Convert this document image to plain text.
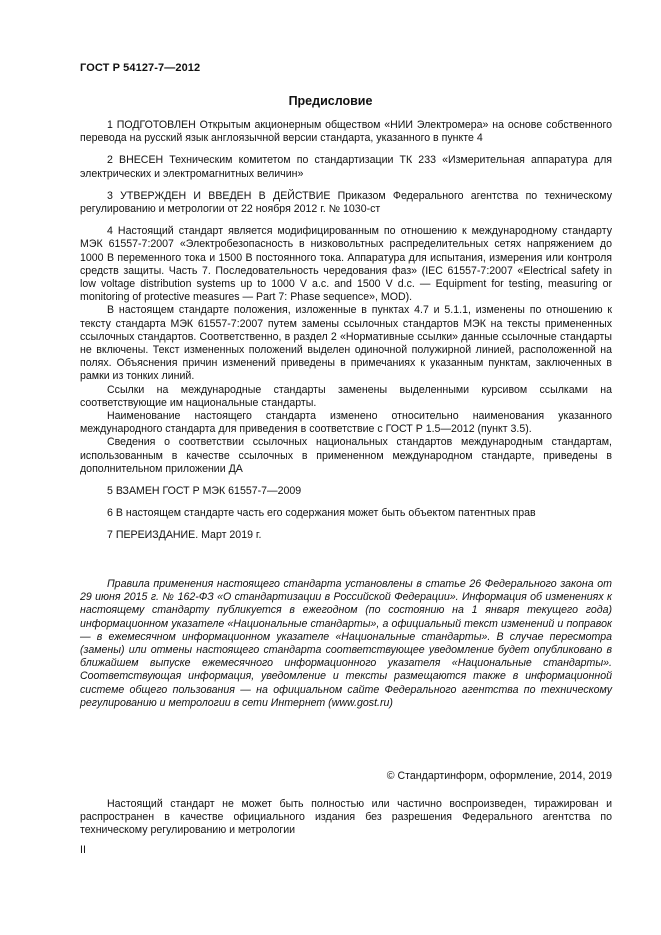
ГОСТ Р 54127-7—2012
Предисловие

1 ПОДГОТОВЛЕН Открытым акционерным обществом «НИИ Электромера» на основе собственного перевода на русский язык англоязычной версии стандарта, указанного в пункте 4

2 ВНЕСЕН Техническим комитетом по стандартизации ТК 233 «Измерительная аппаратура для электрических и электромагнитных величин»

3 УТВЕРЖДЕН И ВВЕДЕН В ДЕЙСТВИЕ Приказом Федерального агентства по техническому регулированию и метрологии от 22 ноября 2012 г. № 1030-ст

4 Настоящий стандарт является модифицированным по отношению к международному стандарту МЭК 61557-7:2007 «Электробезопасность в низковольтных распределительных сетях напряжением до 1000 В переменного тока и 1500 В постоянного тока. Аппаратура для испытания, измерения или контроля средств защиты. Часть 7. Последовательность чередования фаз» (IEC 61557-7:2007 «Electrical safety in low voltage distribution systems up to 1000 V a.c. and 1500 V d.c. — Equipment for testing, measuring or monitoring of protective measures — Part 7: Phase sequence», MOD).

В настоящем стандарте положения, изложенные в пунктах 4.7 и 5.1.1, изменены по отношению к тексту стандарта МЭК 61557-7:2007 путем замены ссылочных стандартов МЭК на тексты примененных ссылочных стандартов. Соответственно, в раздел 2 «Нормативные ссылки» данные ссылочные стандарты не включены. Текст измененных положений выделен одиночной полужирной линией, расположенной на полях. Объяснения причин изменений приведены в примечаниях к указанным пунктам, заключенных в рамки из тонких линий.

Ссылки на международные стандарты заменены выделенными курсивом ссылками на соответствующие им национальные стандарты.

Наименование настоящего стандарта изменено относительно наименования указанного международного стандарта для приведения в соответствие с ГОСТ Р 1.5—2012 (пункт 3.5).

Сведения о соответствии ссылочных национальных стандартов международным стандартам, использованным в качестве ссылочных в примененном международном стандарте, приведены в дополнительном приложении ДА

5 ВЗАМЕН ГОСТ Р МЭК 61557-7—2009

6 В настоящем стандарте часть его содержания может быть объектом патентных прав

7 ПЕРЕИЗДАНИЕ. Март 2019 г.

Правила применения настоящего стандарта установлены в статье 26 Федерального закона от 29 июня 2015 г. № 162-ФЗ «О стандартизации в Российской Федерации». Информация об изменениях к настоящему стандарту публикуется в ежегодном (по состоянию на 1 января текущего года) информационном указателе «Национальные стандарты», а официальный текст изменений и поправок — в ежемесячном информационном указателе «Национальные стандарты». В случае пересмотра (замены) или отмены настоящего стандарта соответствующее уведомление будет опубликовано в ближайшем выпуске ежемесячного информационного указателя «Национальные стандарты». Соответствующая информация, уведомление и тексты размещаются также в информационной системе общего пользования — на официальном сайте Федерального агентства по техническому регулированию и метрологии в сети Интернет (www.gost.ru)

© Стандартинформ, оформление, 2014, 2019

Настоящий стандарт не может быть полностью или частично воспроизведен, тиражирован и распространен в качестве официального издания без разрешения Федерального агентства по техническому регулированию и метрологии

II
